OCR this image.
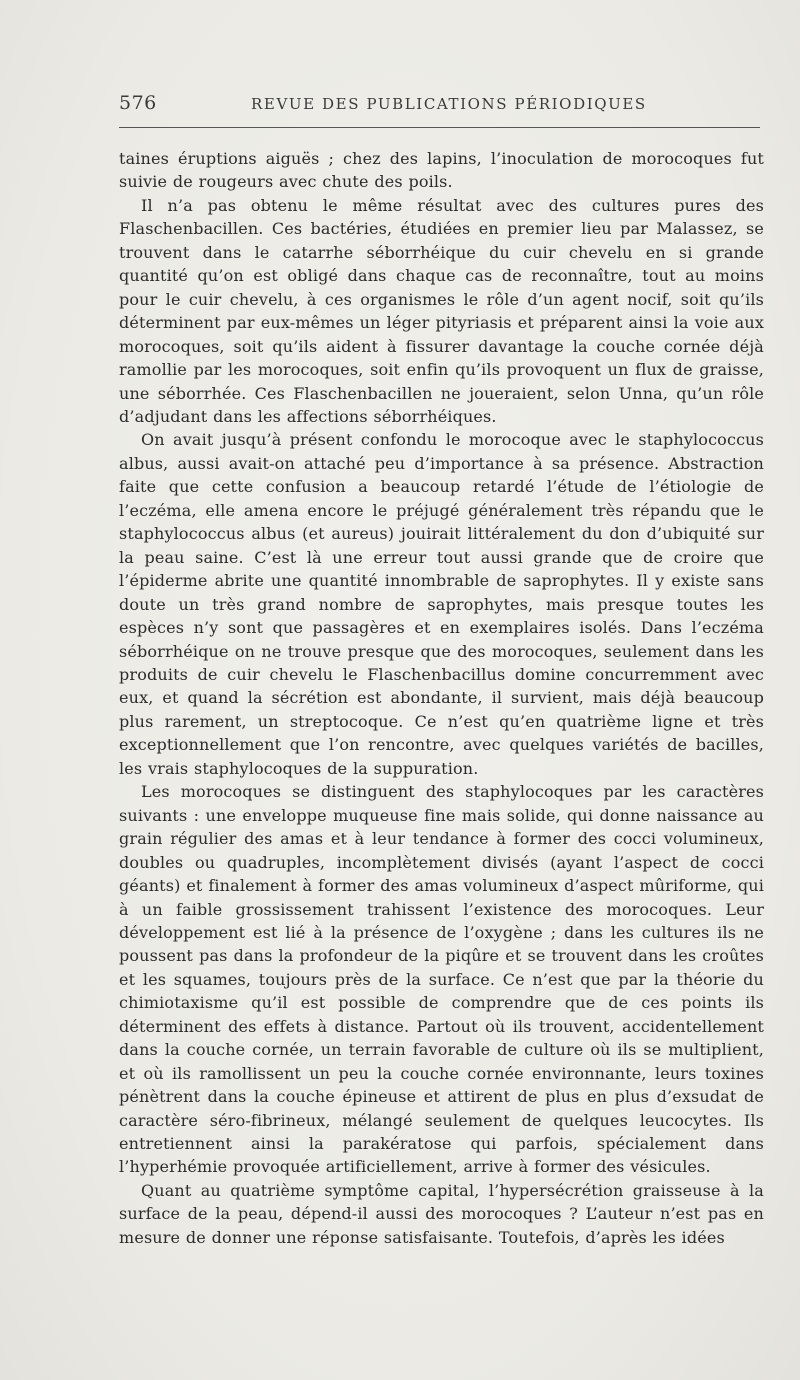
576	REVUE DES PUBLICATIONS PÉRIODIQUES

taines éruptions aiguës ; chez des lapins, l’inoculation de morocoques fut suivie de rougeurs avec chute des poils.

Il n’a pas obtenu le même résultat avec des cultures pures des Flaschenbacillen. Ces bactéries, étudiées en premier lieu par Malassez, se trouvent dans le catarrhe séborrhéique du cuir chevelu en si grande quantité qu’on est obligé dans chaque cas de reconnaître, tout au moins pour le cuir chevelu, à ces organismes le rôle d’un agent nocif, soit qu’ils déterminent par eux-mêmes un léger pityriasis et préparent ainsi la voie aux morocoques, soit qu’ils aident à fissurer davantage la couche cornée déjà ramollie par les morocoques, soit enfin qu’ils provoquent un flux de graisse, une séborrhée. Ces Flaschenbacillen ne joueraient, selon Unna, qu’un rôle d’adjudant dans les affections séborrhéiques.

On avait jusqu’à présent confondu le morocoque avec le staphylococcus albus, aussi avait-on attaché peu d’importance à sa présence. Abstraction faite que cette confusion a beaucoup retardé l’étude de l’étiologie de l’eczéma, elle amena encore le préjugé généralement très répandu que le staphylococcus albus (et aureus) jouirait littéralement du don d’ubiquité sur la peau saine. C’est là une erreur tout aussi grande que de croire que l’épiderme abrite une quantité innombrable de saprophytes. Il y existe sans doute un très grand nombre de saprophytes, mais presque toutes les espèces n’y sont que passagères et en exemplaires isolés. Dans l’eczéma séborrhéique on ne trouve presque que des morocoques, seulement dans les produits de cuir chevelu le Flaschenbacillus domine concurremment avec eux, et quand la sécrétion est abondante, il survient, mais déjà beaucoup plus rarement, un streptocoque. Ce n’est qu’en quatrième ligne et très exceptionnellement que l’on rencontre, avec quelques variétés de bacilles, les vrais staphylocoques de la suppuration.

Les morocoques se distinguent des staphylocoques par les caractères suivants : une enveloppe muqueuse fine mais solide, qui donne naissance au grain régulier des amas et à leur tendance à former des cocci volumineux, doubles ou quadruples, incomplètement divisés (ayant l’aspect de cocci géants) et finalement à former des amas volumineux d’aspect mûriforme, qui à un faible grossissement trahissent l’existence des morocoques. Leur développement est lié à la présence de l’oxygène ; dans les cultures ils ne poussent pas dans la profondeur de la piqûre et se trouvent dans les croûtes et les squames, toujours près de la surface. Ce n’est que par la théorie du chimiotaxisme qu’il est possible de comprendre que de ces points ils déterminent des effets à distance. Partout où ils trouvent, accidentellement dans la couche cornée, un terrain favorable de culture où ils se multiplient, et où ils ramollissent un peu la couche cornée environnante, leurs toxines pénètrent dans la couche épineuse et attirent de plus en plus d’exsudat de caractère séro-fibrineux, mélangé seulement de quelques leucocytes. Ils entretiennent ainsi la parakératose qui parfois, spécialement dans l’hyperhémie provoquée artificiellement, arrive à former des vésicules.

Quant au quatrième symptôme capital, l’hypersécrétion graisseuse à la surface de la peau, dépend-il aussi des morocoques ? L’auteur n’est pas en mesure de donner une réponse satisfaisante. Toutefois, d’après les idées
